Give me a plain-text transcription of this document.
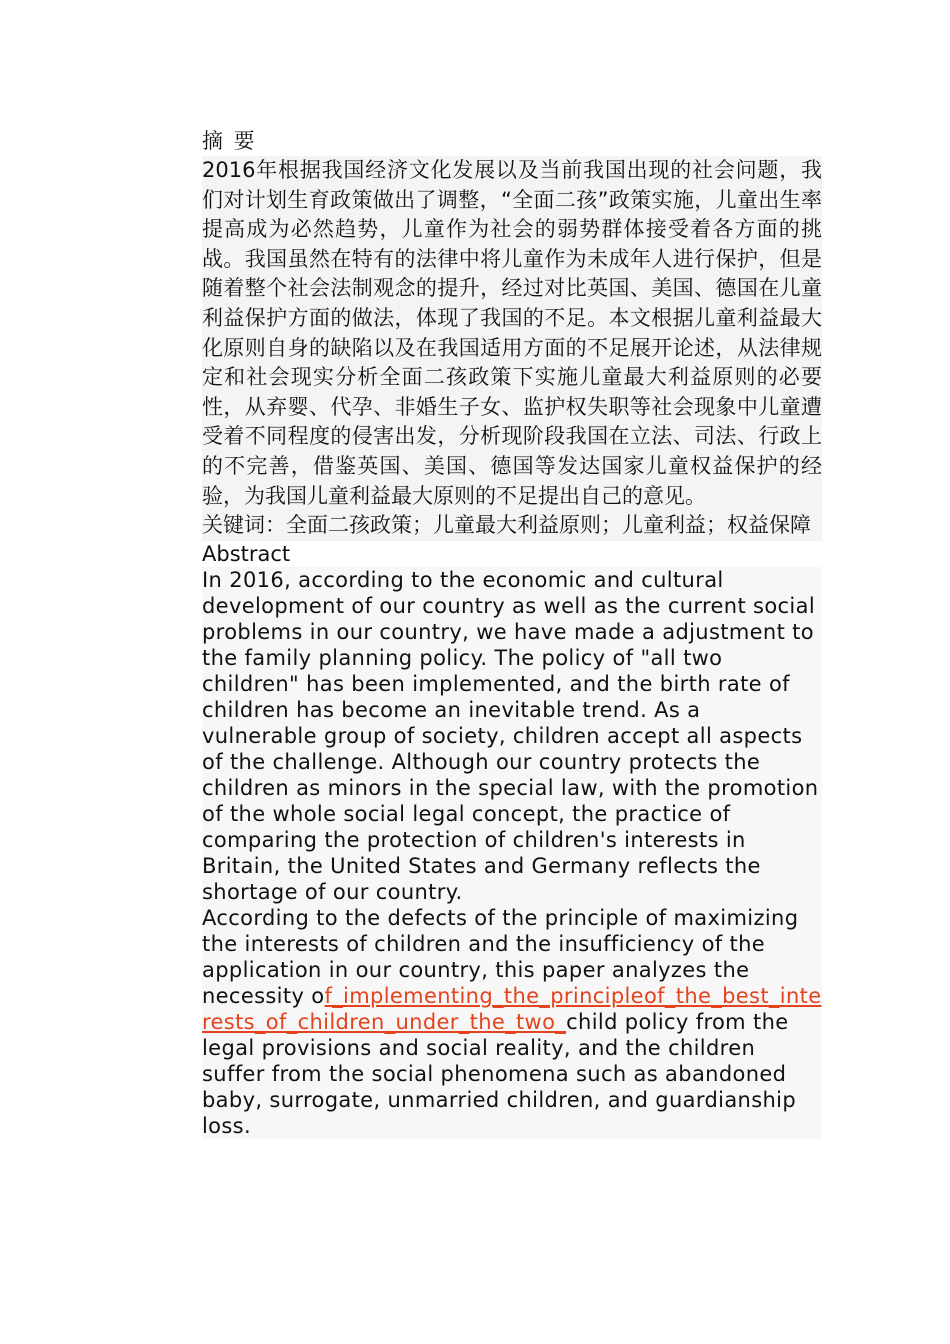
摘 要

2016年根据我国经济文化发展以及当前我国出现的社会问题，我们对计划生育政策做出了调整，“全面二孩”政策实施，儿童出生率提高成为必然趋势，儿童作为社会的弱势群体接受着各方面的挑战。我国虽然在特有的法律中将儿童作为未成年人进行保护，但是随着整个社会法制观念的提升，经过对比英国、美国、德国在儿童利益保护方面的做法，体现了我国的不足。本文根据儿童利益最大化原则自身的缺陷以及在我国适用方面的不足展开论述，从法律规定和社会现实分析全面二孩政策下实施儿童最大利益原则的必要性，从弃婴、代孕、非婚生子女、监护权失职等社会现象中儿童遭受着不同程度的侵害出发，分析现阶段我国在立法、司法、行政上的不完善，借鉴英国、美国、德国等发达国家儿童权益保护的经验，为我国儿童利益最大原则的不足提出自己的意见。

关键词：全面二孩政策；儿童最大利益原则；儿童利益；权益保障

Abstract

In 2016, according to the economic and cultural development of our country as well as the current social problems in our country, we have made a adjustment to the family planning policy. The policy of "all two children" has been implemented, and the birth rate of children has become an inevitable trend. As a vulnerable group of society, children accept all aspects of the challenge. Although our country protects the children as minors in the special law, with the promotion of the whole social legal concept, the practice of comparing the protection of children's interests in Britain, the United States and Germany reflects the shortage of our country.

According to the defects of the principle of maximizing the interests of children and the insufficiency of the application in our country, this paper analyzes the necessity of_implementing_the_principleof_the_best_interests_of_children_under_the_two_child policy from the legal provisions and social reality, and the children suffer from the social phenomena such as abandoned baby, surrogate, unmarried children, and guardianship loss.
